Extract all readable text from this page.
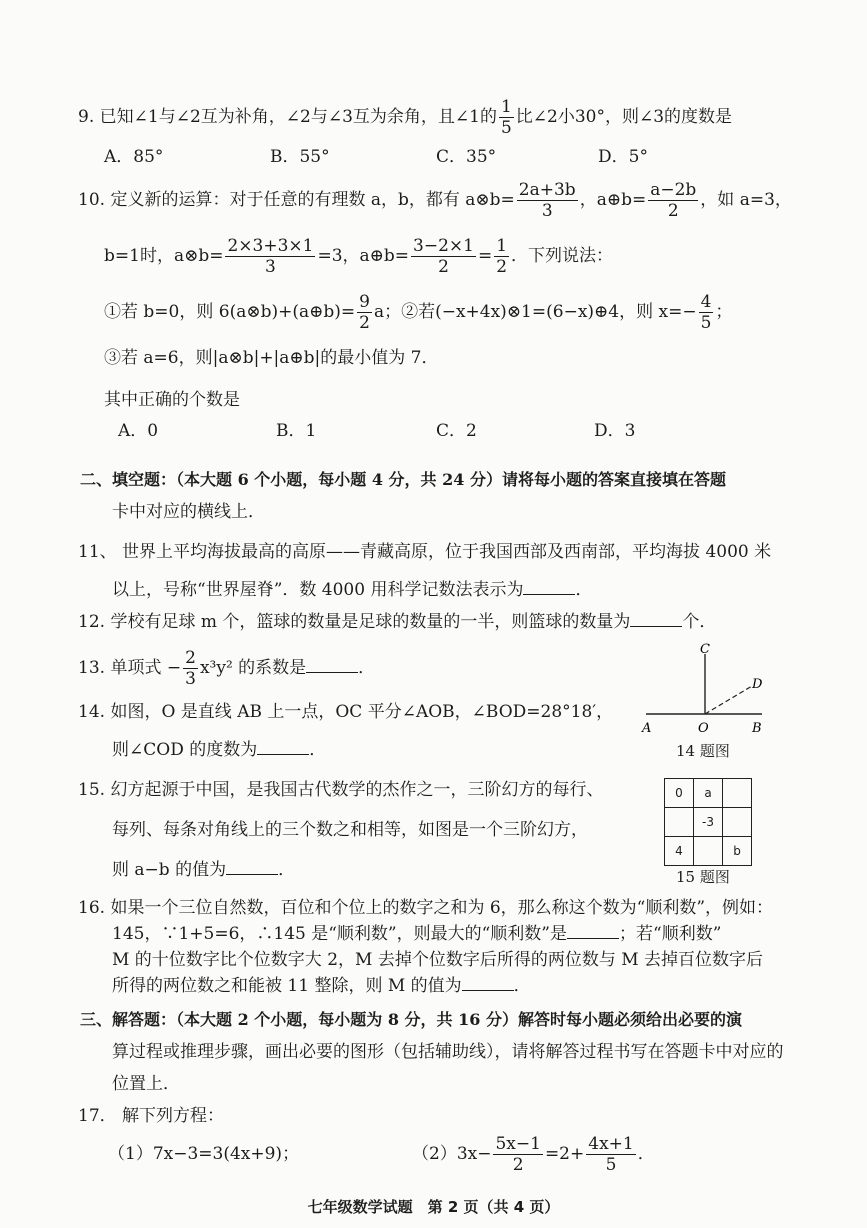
9. 已知∠1与∠2互为补角，∠2与∠3互为余角，且∠1的 $\frac{1}{5}$ 比∠2小30°，则∠3的度数是
A．85°	B．55°	C．35°	D．5°
10. 定义新的运算：对于任意的有理数 a，b，都有 a⊗b= $\frac{2a+3b}{3}$ ，a⊕b= $\frac{a-2b}{2}$ ，如 a=3，
b=1时，a⊗b= $\frac{2\times 3+3\times 1}{3} =3$，a⊕b= $\frac{3-2\times 1}{2} = \frac{1}{2}$ ．下列说法：
①若 b=0，则 6(a⊗b)+(a⊕b)= $\frac{9}{2}$ a；②若(−x+4x)⊗1=(6−x)⊕4，则 $x=- \frac{4}{5}$ ；
③若 a=6，则|a⊗b|+|a⊕b|的最小值为 7．
其中正确的个数是
A．0	B．1	C．2	D．3
二、填空题：（本大题 6 个小题，每小题 4 分，共 24 分）请将每小题的答案直接填在答题
卡中对应的横线上．
11、 世界上平均海拔最高的高原——青藏高原，位于我国西部及西南部，平均海拔 4000 米
以上，号称“世界屋脊”．数 4000 用科学记数法表示为	．
12. 学校有足球 m 个，篮球的数量是足球的数量的一半，则篮球的数量为	个．
13. 单项式 − $\frac{2}{3} x^3y^2$ 的系数是	．
14. 如图，O 是直线 AB 上一点，OC 平分∠AOB，∠BOD=28°18′，
则∠COD 的度数为	．
C
D
A	O	B
14 题图
15. 幻方起源于中国，是我国古代数学的杰作之一，三阶幻方的每行、
每列、每条对角线上的三个数之和相等，如图是一个三阶幻方，
则 a−b 的值为	．
0	a	
	-3	
4		b
15 题图
16. 如果一个三位自然数，百位和个位上的数字之和为 6，那么称这个数为“顺利数”，例如：
145，∵1+5=6，∴145 是“顺利数”，则最大的“顺利数”是	；若“顺利数”
M 的十位数字比个位数字大 2，M 去掉个位数字后所得的两位数与 M 去掉百位数字后
所得的两位数之和能被 11 整除，则 M 的值为	．
三、解答题：（本大题 2 个小题，每小题为 8 分，共 16 分）解答时每小题必须给出必要的演
算过程或推理步骤，画出必要的图形（包括辅助线），请将解答过程书写在答题卡中对应的
位置上．
17． 解下列方程：
（1）7x−3=3(4x+9)；	$(2)3x- \frac{5x-1}{2} =2+ \frac{4x+1}{5}$ ．
七年级数学试题　第 2 页（共 4 页）
